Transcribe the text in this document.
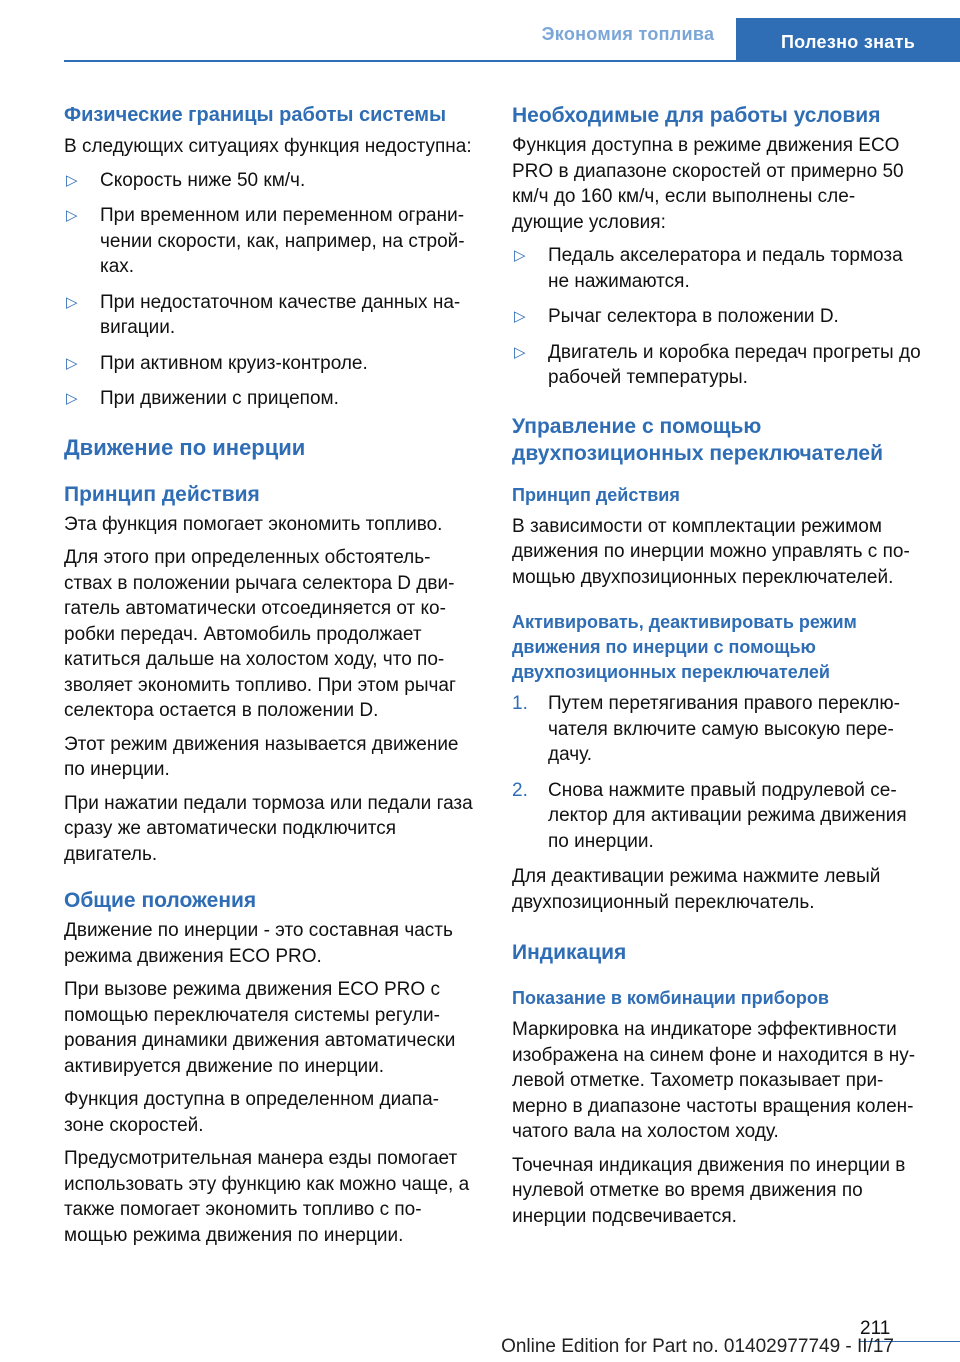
Экономия топлива	Полезно знать
Физические границы работы системы

В следующих ситуациях функция недоступна:

▷ Скорость ниже 50 км/ч.
▷ При временном или переменном ограни‐чении скорости, как, например, на строй‐ках.
▷ При недостаточном качестве данных на‐вигации.
▷ При активном круиз-контроле.
▷ При движении с прицепом.
Движение по инерции
Принцип действия

Эта функция помогает экономить топливо.

Для этого при определенных обстоятель‐ствах в положении рычага селектора D дви‐гатель автоматически отсоединяется от ко‐робки передач. Автомобиль продолжает катиться дальше на холостом ходу, что по‐зволяет экономить топливо. При этом рычаг селектора остается в положении D.

Этот режим движения называется движение по инерции.

При нажатии педали тормоза или педали газа сразу же автоматически подключится двигатель.

Общие положения

Движение по инерции - это составная часть режима движения ECO PRO.

При вызове режима движения ECO PRO с помощью переключателя системы регули‐рования динамики движения автоматически активируется движение по инерции.

Функция доступна в определенном диапа‐зоне скоростей.

Предусмотрительная манера езды помогает использовать эту функцию как можно чаще, а также помогает экономить топливо с по‐мощью режима движения по инерции.

Необходимые для работы условия

Функция доступна в режиме движения ECO PRO в диапазоне скоростей от примерно 50 км/ч до 160 км/ч, если выполнены сле‐дующие условия:

▷ Педаль акселератора и педаль тормоза не нажимаются.
▷ Рычаг селектора в положении D.
▷ Двигатель и коробка передач прогреты до рабочей температуры.
Управление с помощью двухпозиционных переключателей
Принцип действия

В зависимости от комплектации режимом движения по инерции можно управлять с по‐мощью двухпозиционных переключателей.

Активировать, деактивировать режим движения по инерции с помощью двухпозиционных переключателей
1. Путем перетягивания правого переклю‐чателя включите самую высокую пере‐дачу.
2. Снова нажмите правый подрулевой се‐лектор для активации режима движения по инерции.

Для деактивации режима нажмите левый двухпозиционный переключатель.

Индикация
Показание в комбинации приборов

Маркировка на индикаторе эффективности изображена на синем фоне и находится в ну‐левой отметке. Тахометр показывает при‐мерно в диапазоне частоты вращения колен‐чатого вала на холостом ходу.

Точечная индикация движения по инерции в нулевой отметке во время движения по инерции подсвечивается.

211
Online Edition for Part no. 01402977749 - II/17
